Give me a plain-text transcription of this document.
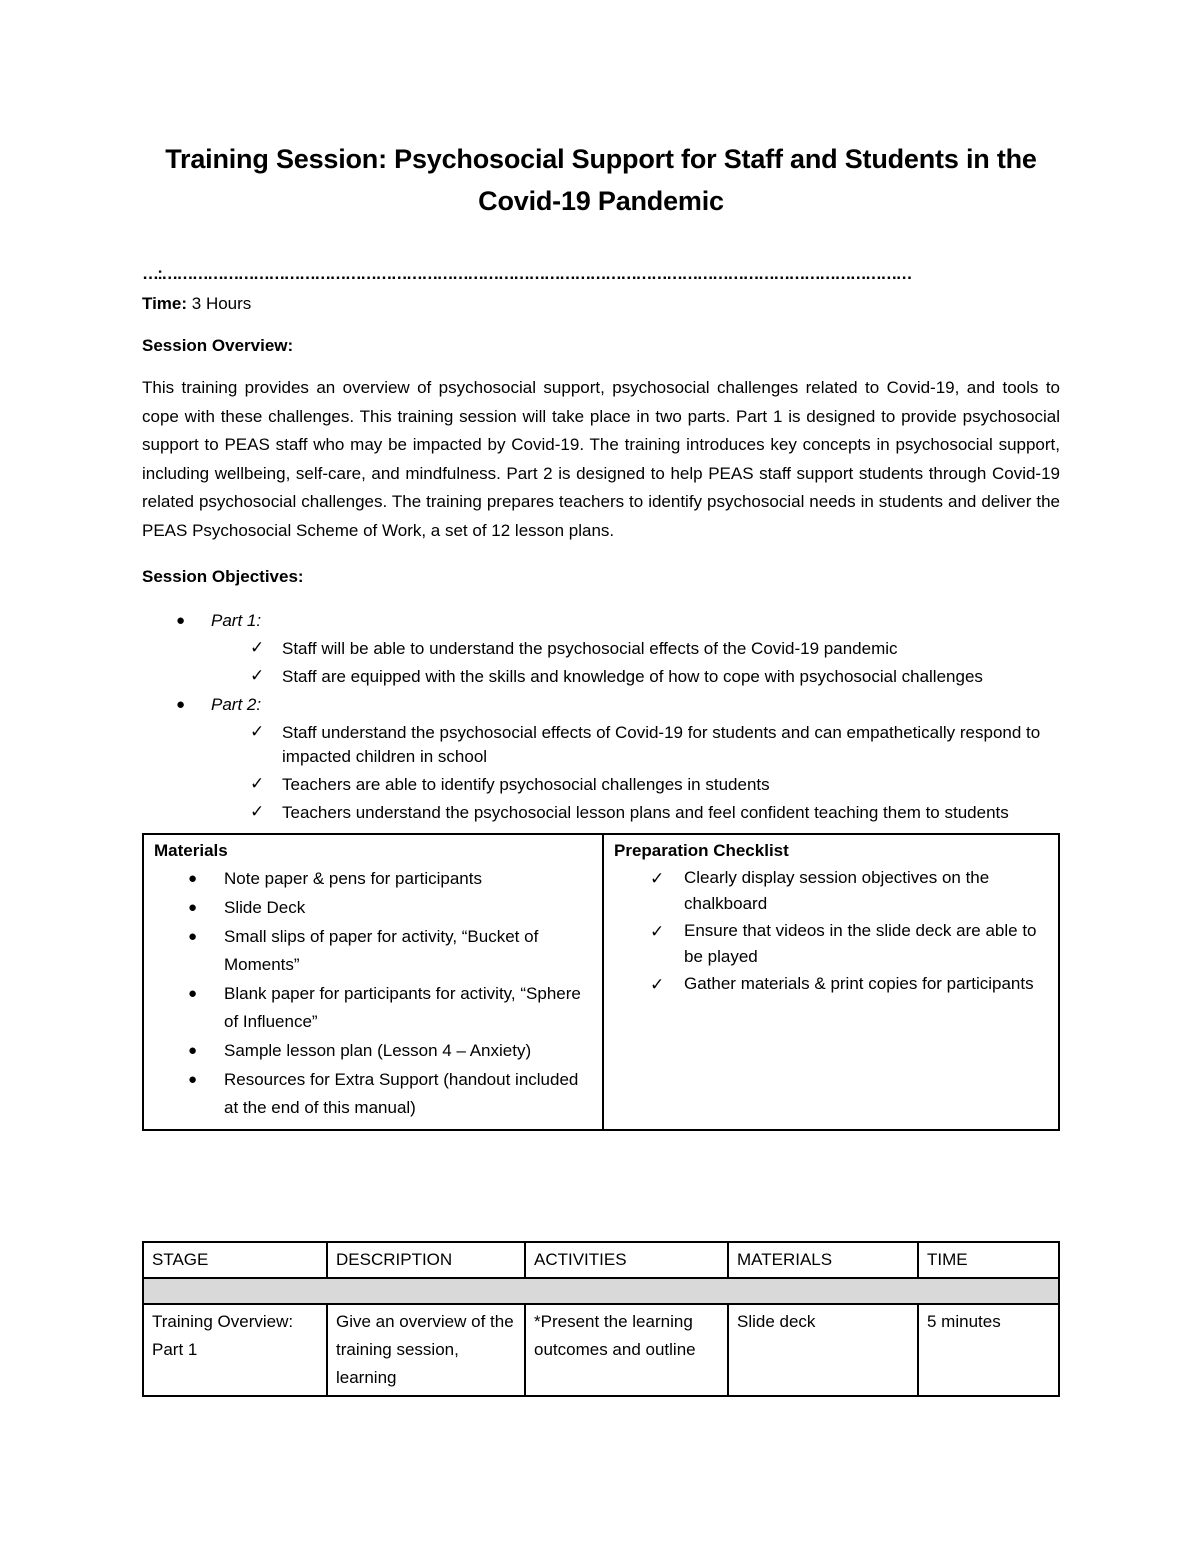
Training Session: Psychosocial Support for Staff and Students in the
Covid-19 Pandemic
…:…………………………………………………………………………………………………………………………………

Time: 3 Hours

Session Overview:

This training provides an overview of psychosocial support, psychosocial challenges related to Covid-19, and tools to cope with these challenges. This training session will take place in two parts. Part 1 is designed to provide psychosocial support to PEAS staff who may be impacted by Covid-19. The training introduces key concepts in psychosocial support, including wellbeing, self-care, and mindfulness. Part 2 is designed to help PEAS staff support students through Covid-19 related psychosocial challenges. The training prepares teachers to identify psychosocial needs in students and deliver the PEAS Psychosocial Scheme of Work, a set of 12 lesson plans.

Session Objectives:

● Part 1:
✓ Staff will be able to understand the psychosocial effects of the Covid-19 pandemic
✓ Staff are equipped with the skills and knowledge of how to cope with psychosocial challenges
● Part 2:
✓ Staff understand the psychosocial effects of Covid-19 for students and can empathetically respond to impacted children in school
✓ Teachers are able to identify psychosocial challenges in students
✓ Teachers understand the psychosocial lesson plans and feel confident teaching them to students
Materials
● Note paper & pens for participants
● Slide Deck
● Small slips of paper for activity, “Bucket of Moments”
● Blank paper for participants for activity, “Sphere of Influence”
● Sample lesson plan (Lesson 4 – Anxiety)
● Resources for Extra Support (handout included at the end of this manual)

Preparation Checklist
✓ Clearly display session objectives on the chalkboard
✓ Ensure that videos in the slide deck are able to be played
✓ Gather materials & print copies for participants
STAGE	DESCRIPTION	ACTIVITIES	MATERIALS	TIME

Training Overview: Part 1	Give an overview of the training session, learning	*Present the learning outcomes and outline	Slide deck	5 minutes
